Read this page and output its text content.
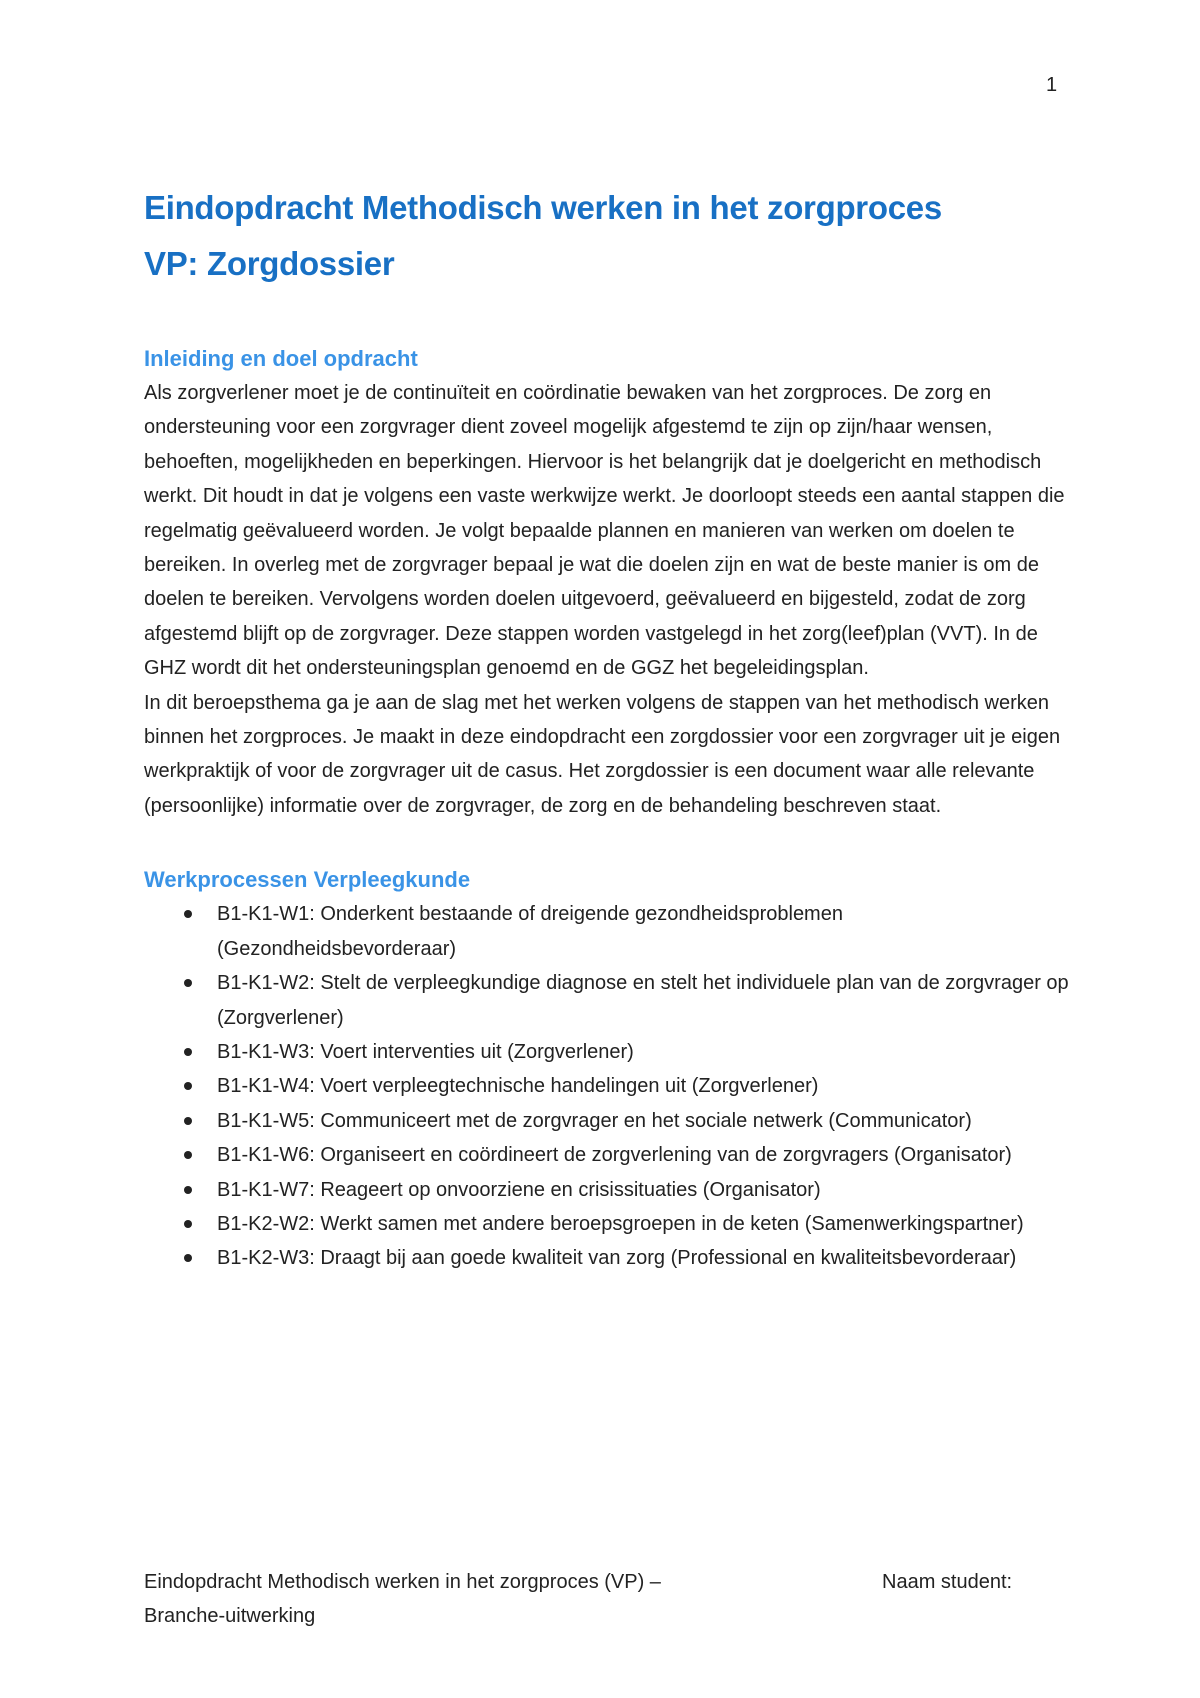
1
Eindopdracht Methodisch werken in het zorgproces
VP: Zorgdossier
Inleiding en doel opdracht

Als zorgverlener moet je de continuïteit en coördinatie bewaken van het zorgproces. De zorg en ondersteuning voor een zorgvrager dient zoveel mogelijk afgestemd te zijn op zijn/haar wensen, behoeften, mogelijkheden en beperkingen. Hiervoor is het belangrijk dat je doelgericht en methodisch werkt. Dit houdt in dat je volgens een vaste werkwijze werkt. Je doorloopt steeds een aantal stappen die regelmatig geëvalueerd worden. Je volgt bepaalde plannen en manieren van werken om doelen te bereiken. In overleg met de zorgvrager bepaal je wat die doelen zijn en wat de beste manier is om de doelen te bereiken. Vervolgens worden doelen uitgevoerd, geëvalueerd en bijgesteld, zodat de zorg afgestemd blijft op de zorgvrager. Deze stappen worden vastgelegd in het zorg(leef)plan (VVT). In de GHZ wordt dit het ondersteuningsplan genoemd en de GGZ het begeleidingsplan.

In dit beroepsthema ga je aan de slag met het werken volgens de stappen van het methodisch werken binnen het zorgproces. Je maakt in deze eindopdracht een zorgdossier voor een zorgvrager uit je eigen werkpraktijk of voor de zorgvrager uit de casus. Het zorgdossier is een document waar alle relevante (persoonlijke) informatie over de zorgvrager, de zorg en de behandeling beschreven staat.

Werkprocessen Verpleegkunde
B1-K1-W1: Onderkent bestaande of dreigende gezondheidsproblemen (Gezondheidsbevorderaar)
B1-K1-W2: Stelt de verpleegkundige diagnose en stelt het individuele plan van de zorgvrager op (Zorgverlener)
B1-K1-W3: Voert interventies uit (Zorgverlener)
B1-K1-W4: Voert verpleegtechnische handelingen uit (Zorgverlener)
B1-K1-W5: Communiceert met de zorgvrager en het sociale netwerk (Communicator)
B1-K1-W6: Organiseert en coördineert de zorgverlening van de zorgvragers (Organisator)
B1-K1-W7: Reageert op onvoorziene en crisissituaties (Organisator)
B1-K2-W2: Werkt samen met andere beroepsgroepen in de keten (Samenwerkingspartner)
B1-K2-W3: Draagt bij aan goede kwaliteit van zorg (Professional en kwaliteitsbevorderaar)
Eindopdracht Methodisch werken in het zorgproces (VP) – Branche-uitwerking
Naam student:
